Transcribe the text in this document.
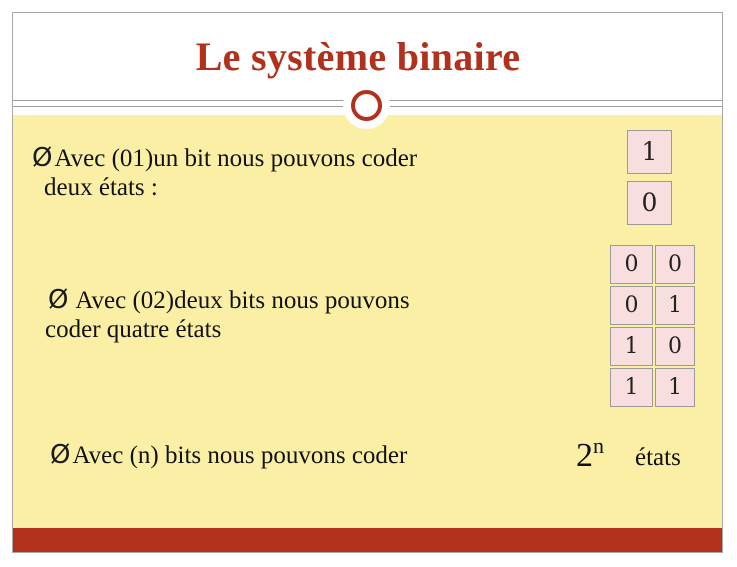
Le système binaire
ØAvec (01)un bit nous pouvons coder
deux états :
Ø Avec (02)deux bits nous pouvons
coder quatre états
ØAvec (n) bits nous pouvons coder	2$^n$ états
1
0
0	0
0	1
1	0
1	1
